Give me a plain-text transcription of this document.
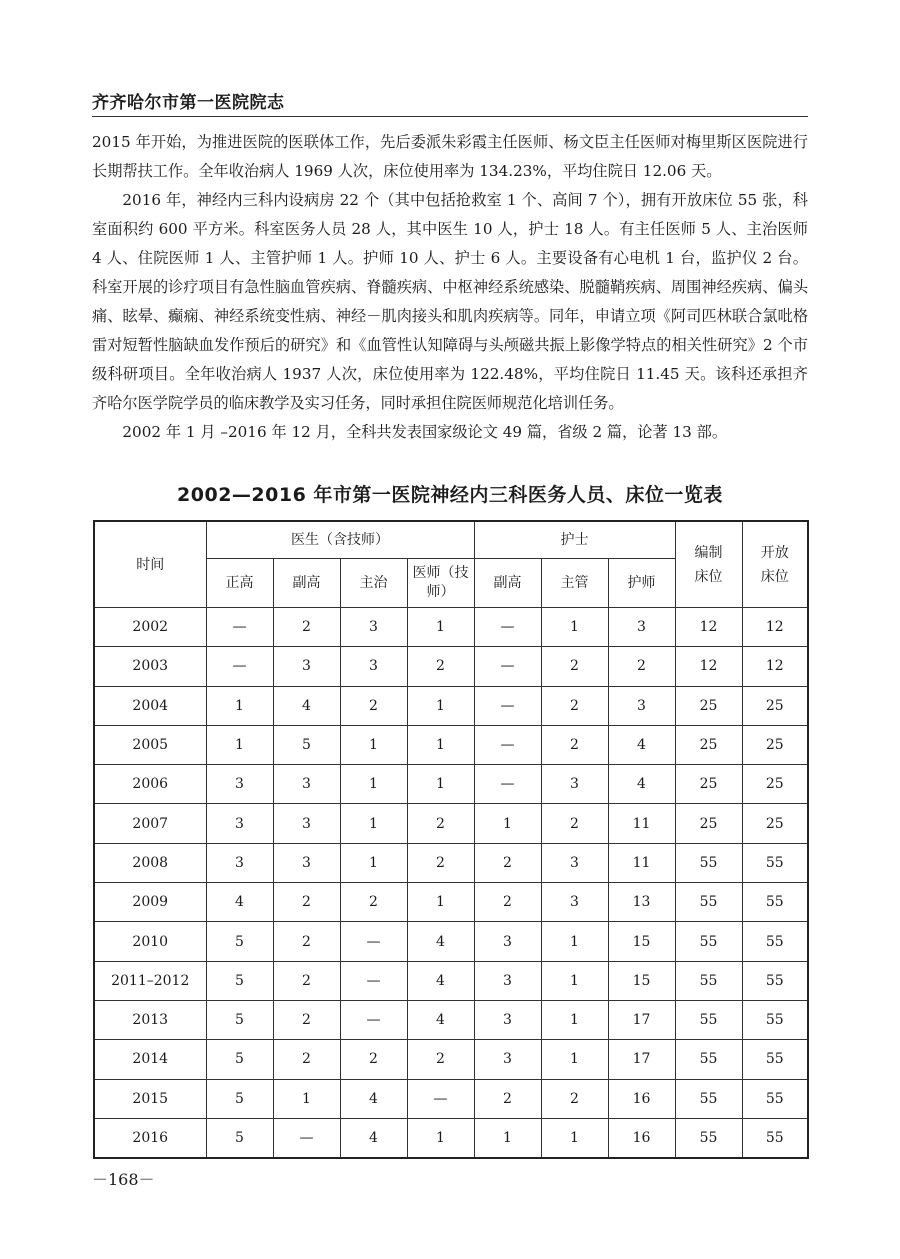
齐齐哈尔市第一医院院志

2015 年开始，为推进医院的医联体工作，先后委派朱彩霞主任医师、杨文臣主任医师对梅里斯区医院进行长期帮扶工作。全年收治病人 1969 人次，床位使用率为 134.23%，平均住院日 12.06 天。

2016 年，神经内三科内设病房 22 个（其中包括抢救室 1 个、高间 7 个），拥有开放床位 55 张，科室面积约 600 平方米。科室医务人员 28 人，其中医生 10 人，护士 18 人。有主任医师 5 人、主治医师 4 人、住院医师 1 人、主管护师 1 人。护师 10 人、护士 6 人。主要设备有心电机 1 台，监护仪 2 台。科室开展的诊疗项目有急性脑血管疾病、脊髓疾病、中枢神经系统感染、脱髓鞘疾病、周围神经疾病、偏头痛、眩晕、癫痫、神经系统变性病、神经－肌肉接头和肌肉疾病等。同年，申请立项《阿司匹林联合氯吡格雷对短暂性脑缺血发作预后的研究》和《血管性认知障碍与头颅磁共振上影像学特点的相关性研究》2 个市级科研项目。全年收治病人 1937 人次，床位使用率为 122.48%，平均住院日 11.45 天。该科还承担齐齐哈尔医学院学员的临床教学及实习任务，同时承担住院医师规范化培训任务。

2002 年 1 月 –2016 年 12 月，全科共发表国家级论文 49 篇，省级 2 篇，论著 13 部。

2002—2016 年市第一医院神经内三科医务人员、床位一览表
时间	医生（含技师）				护士			编制床位	开放床位

	正高	副高	主治	医师（技师）	副高	主管	护师		
2002	—	2	3	1	—	1	3	12	12
2003	—	3	3	2	—	2	2	12	12
2004	1	4	2	1	—	2	3	25	25
2005	1	5	1	1	—	2	4	25	25
2006	3	3	1	1	—	3	4	25	25
2007	3	3	1	2	1	2	11	25	25
2008	3	3	1	2	2	3	11	55	55
2009	4	2	2	1	2	3	13	55	55
2010	5	2	—	4	3	1	15	55	55
2011–2012	5	2	—	4	3	1	15	55	55
2013	5	2	—	4	3	1	17	55	55
2014	5	2	2	2	3	1	17	55	55
2015	5	1	4	—	2	2	16	55	55
2016	5	—	4	1	1	1	16	55	55
－168－
